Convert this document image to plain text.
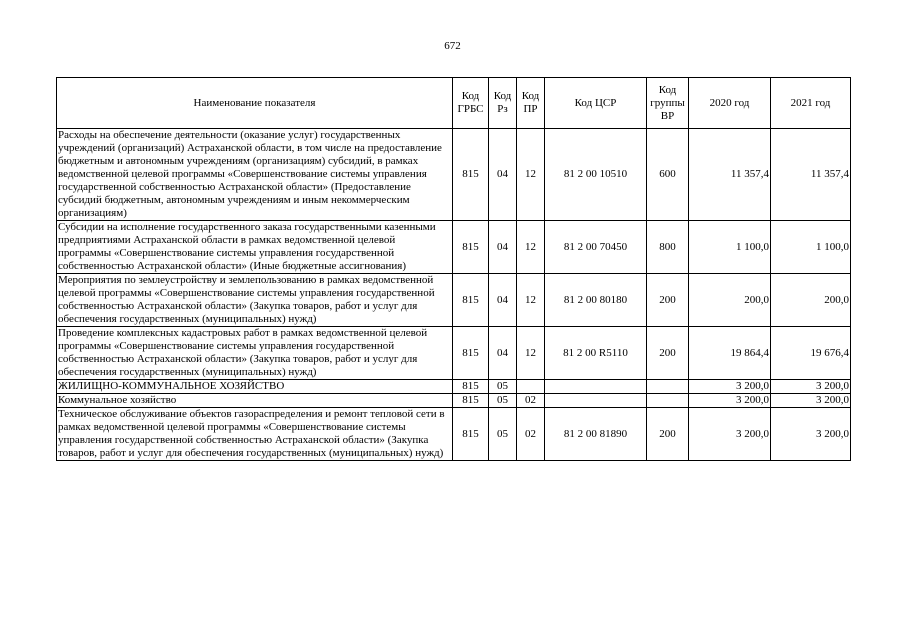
672
Наименование показателя	Код ГРБС	Код Рз	Код ПР	Код ЦСР	Код группы ВР	2020 год	2021 год
Расходы на обеспечение деятельности (оказание услуг) государственных учреждений (организаций) Астраханской области, в том числе на предоставление бюджетным и автономным учреждениям (организациям) субсидий, в рамках ведомственной целевой программы «Совершенствование системы управления государственной собственностью Астраханской области» (Предоставление субсидий бюджетным, автономным учреждениям и иным некоммерческим организациям)	815	04	12	81 2 00 10510	600	11 357,4	11 357,4
Субсидии на исполнение государственного заказа государственными казенными предприятиями Астраханской области в рамках ведомственной целевой программы «Совершенствование системы управления государственной собственностью Астраханской области» (Иные бюджетные ассигнования)	815	04	12	81 2 00 70450	800	1 100,0	1 100,0
Мероприятия по землеустройству и землепользованию в рамках ведомственной целевой программы «Совершенствование системы управления государственной собственностью Астраханской области» (Закупка товаров, работ и услуг для обеспечения государственных (муниципальных) нужд)	815	04	12	81 2 00 80180	200	200,0	200,0
Проведение комплексных кадастровых работ в рамках ведомственной целевой программы «Совершенствование системы управления государственной собственностью Астраханской области» (Закупка товаров, работ и услуг для обеспечения государственных (муниципальных) нужд)	815	04	12	81 2 00 R5110	200	19 864,4	19 676,4
ЖИЛИЩНО-КОММУНАЛЬНОЕ ХОЗЯЙСТВО	815	05				3 200,0	3 200,0
Коммунальное хозяйство	815	05	02			3 200,0	3 200,0
Техническое обслуживание объектов газораспределения и ремонт тепловой сети в рамках ведомственной целевой программы «Совершенствование системы управления государственной собственностью Астраханской области» (Закупка товаров, работ и услуг для обеспечения государственных (муниципальных) нужд)	815	05	02	81 2 00 81890	200	3 200,0	3 200,0
